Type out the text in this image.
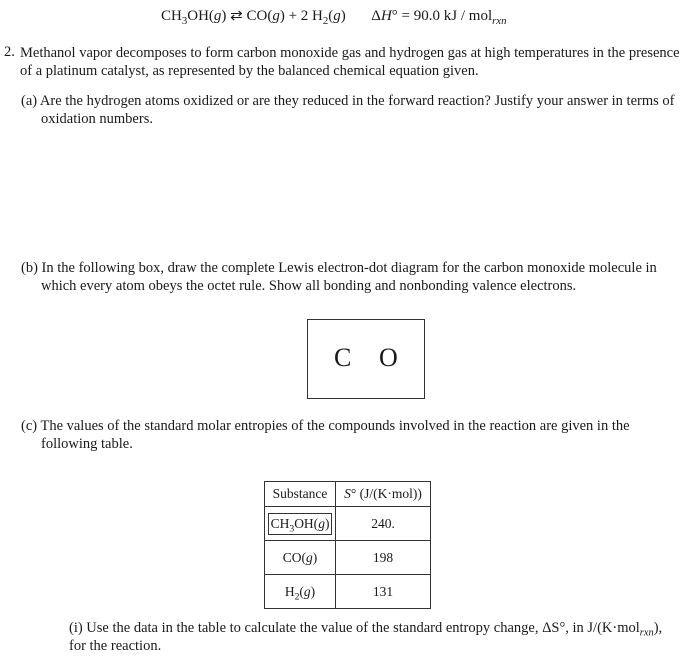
$CH_3OH(g)$ ⇄ CO(g) + 2 $H_2(g) \Delta H^\circ = 90.0$ kJ / mol$_{rxn}$
2. Methanol vapor decomposes to form carbon monoxide gas and hydrogen gas at high temperatures in the presence of a platinum catalyst, as represented by the balanced chemical equation given.
(a) Are the hydrogen atoms oxidized or are they reduced in the forward reaction? Justify your answer in terms of oxidation numbers.
(b) In the following box, draw the complete Lewis electron-dot diagram for the carbon monoxide molecule in which every atom obeys the octet rule. Show all bonding and nonbonding valence electrons.
C O
(c) The values of the standard molar entropies of the compounds involved in the reaction are given in the following table.
Substance	S° (J/(K·mol))
$CH_3OH(g)$	240.
CO(g)	198
$H_2(g)$	131
(i) Use the data in the table to calculate the value of the standard entropy change, ΔS°, in J/(K·mol$_{rxn}$),
for the reaction.
